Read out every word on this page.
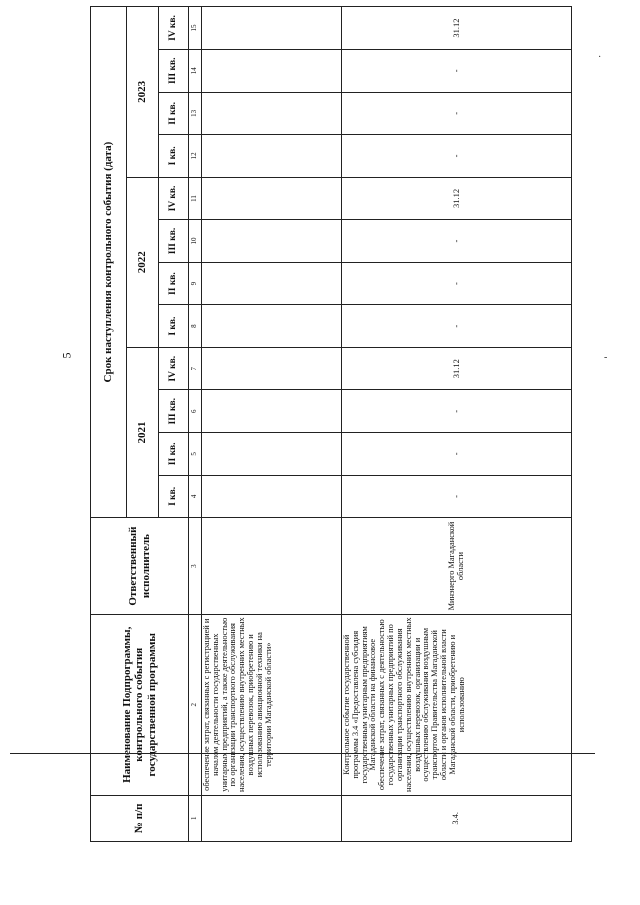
5
№ п/п	Наименование Подпрограммы, контрольного события государственной программы	Ответственный исполнитель	Срок наступления контрольного события (дата)											
			2021				2022				2023			
			I кв.	II кв.	III кв.	IV кв.	I кв.	II кв.	III кв.	IV кв.	I кв.	II кв.	III кв.	IV кв.
1	2	3	4	5	6	7	8	9	10	11	12	13	14	15
	обеспечение затрат, связанных с регистрацией и началом деятельности государственных унитарных предприятий, а также деятельностью по организации транспортного обслуживания населения, осуществлению внутренних местных воздушных перевозок, приобретению и использованию авиационной техники на территории Магаданской области»													
3.4.	Контрольное событие государственной программы 3.4 «Предоставлена субсидия государственным унитарным предприятиям Магаданской области на финансовое обеспечение затрат, связанных с деятельностью государственных унитарных предприятий по организации транспортного обслуживания населения, осуществлению внутренних местных воздушных перевозок, организации и осуществлению обслуживания воздушным транспортом Правительства Магаданской области и органов исполнительной власти Магаданской области, приобретению и использованию	Минэнерго Магаданской области	-	-	-	31.12	-	-	-	31.12	-	-	-	31.12
·
-
